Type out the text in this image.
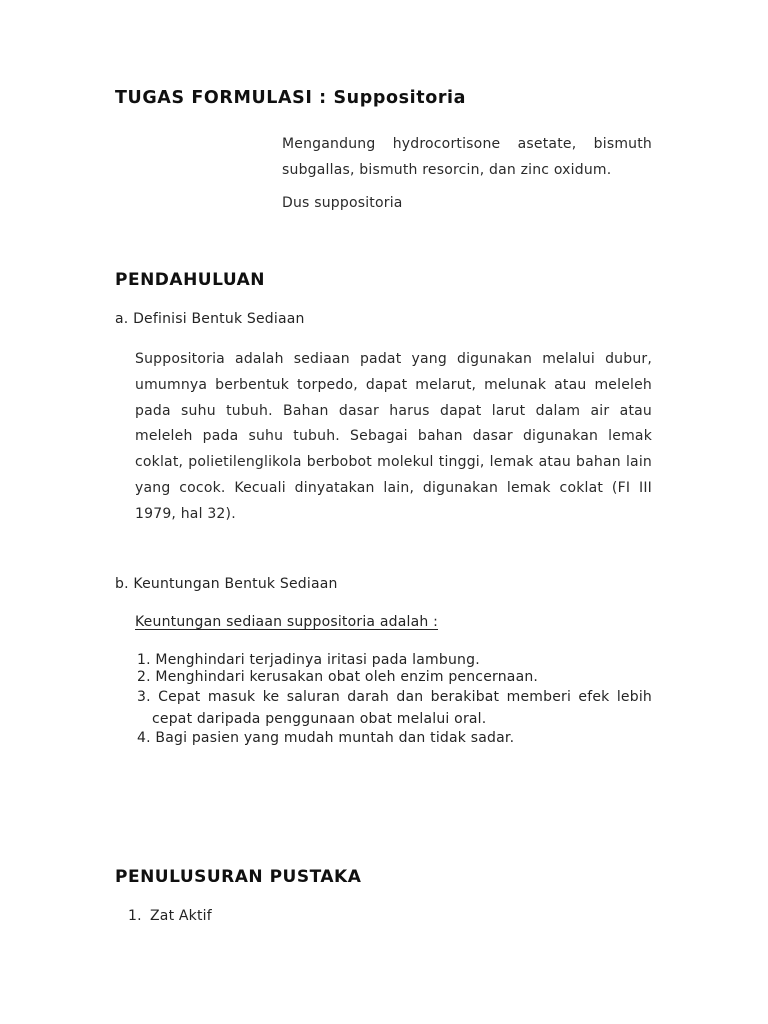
TUGAS FORMULASI : Suppositoria

Mengandung hydrocortisone asetate, bismuth subgallas, bismuth resorcin, dan zinc oxidum.

Dus suppositoria

PENDAHULUAN

a. Definisi Bentuk Sediaan

Suppositoria adalah sediaan padat yang digunakan melalui dubur, umumnya berbentuk torpedo, dapat melarut, melunak atau meleleh pada suhu tubuh. Bahan dasar harus dapat larut dalam air atau meleleh pada suhu tubuh. Sebagai bahan dasar digunakan lemak coklat, polietilenglikola berbobot molekul tinggi, lemak atau bahan lain yang cocok. Kecuali dinyatakan lain, digunakan lemak coklat (FI III 1979, hal 32).

b. Keuntungan Bentuk Sediaan

Keuntungan sediaan suppositoria adalah :

1. Menghindari terjadinya iritasi pada lambung.
2. Menghindari kerusakan obat oleh enzim pencernaan.
3. Cepat masuk ke saluran darah dan berakibat memberi efek lebih cepat daripada penggunaan obat melalui oral.
4. Bagi pasien yang mudah muntah dan tidak sadar.
PENULUSURAN PUSTAKA

1. Zat Aktif
